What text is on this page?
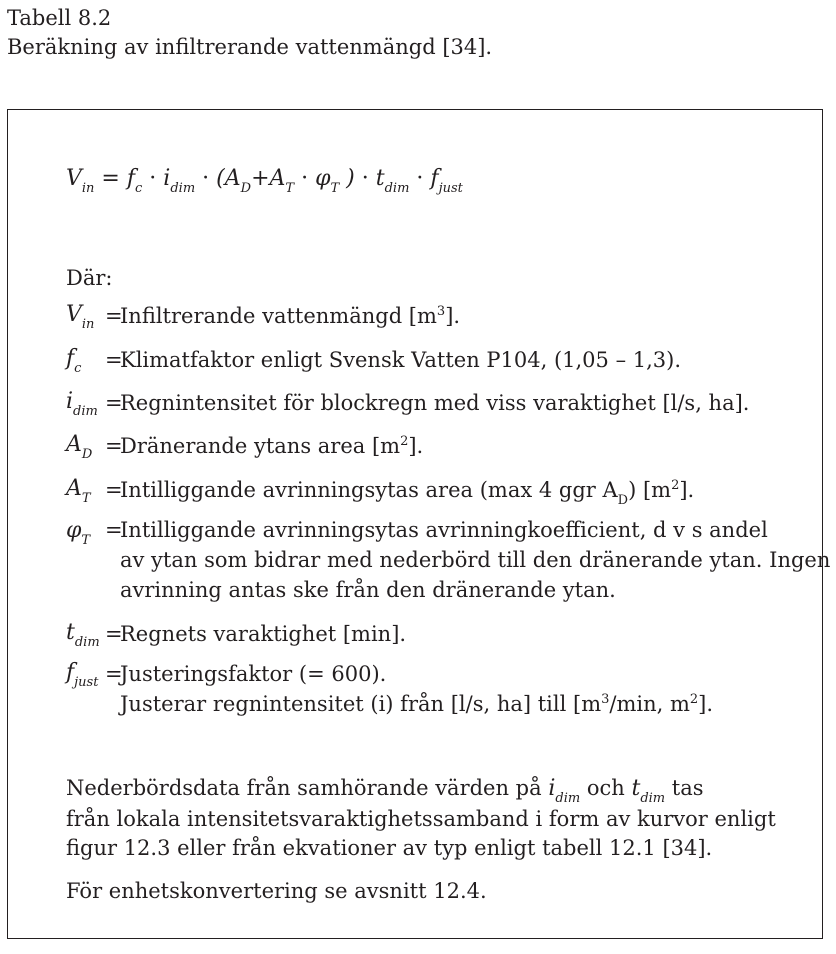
Tabell 8.2
Beräkning av infiltrerande vattenmängd [34].
$V_{in} = f_c \cdot i_{dim} \cdot (A_D+A_T \cdot \varphi_T$ ) · $t_{dim} \cdot f_{just}$
Där:
$V_{in}$ =
Infiltrerande vattenmängd $[m^3]$.
$f_c$ =
Klimatfaktor enligt Svensk Vatten P104, (1,05 – 1,3).
$i_{dim}$ =
Regnintensitet för blockregn med viss varaktighet [l/s, ha].
$A_D$ =
Dränerande ytans area $[m^2]$.
$A_T$ =
Intilliggande avrinningsytas area (max 4 ggr $A_D$) $[m^2]$.
$\varphi_T$ =
Intilliggande avrinningsytas avrinningkoefficient, d v s andel
av ytan som bidrar med nederbörd till den dränerande ytan. Ingen
avrinning antas ske från den dränerande ytan.
$t_{dim}$ =
Regnets varaktighet [min].
$f_{just}$ =
Justeringsfaktor (= 600).
Justerar regnintensitet (i) från [l/s, ha] till [$m^3/\min$, $m^2$].
Nederbördsdata från samhörande värden på $i_{dim}$ och $t_{dim}$ tas
från lokala intensitetsvaraktighetssamband i form av kurvor enligt
figur 12.3 eller från ekvationer av typ enligt tabell 12.1 [34].
För enhetskonvertering se avsnitt 12.4.
